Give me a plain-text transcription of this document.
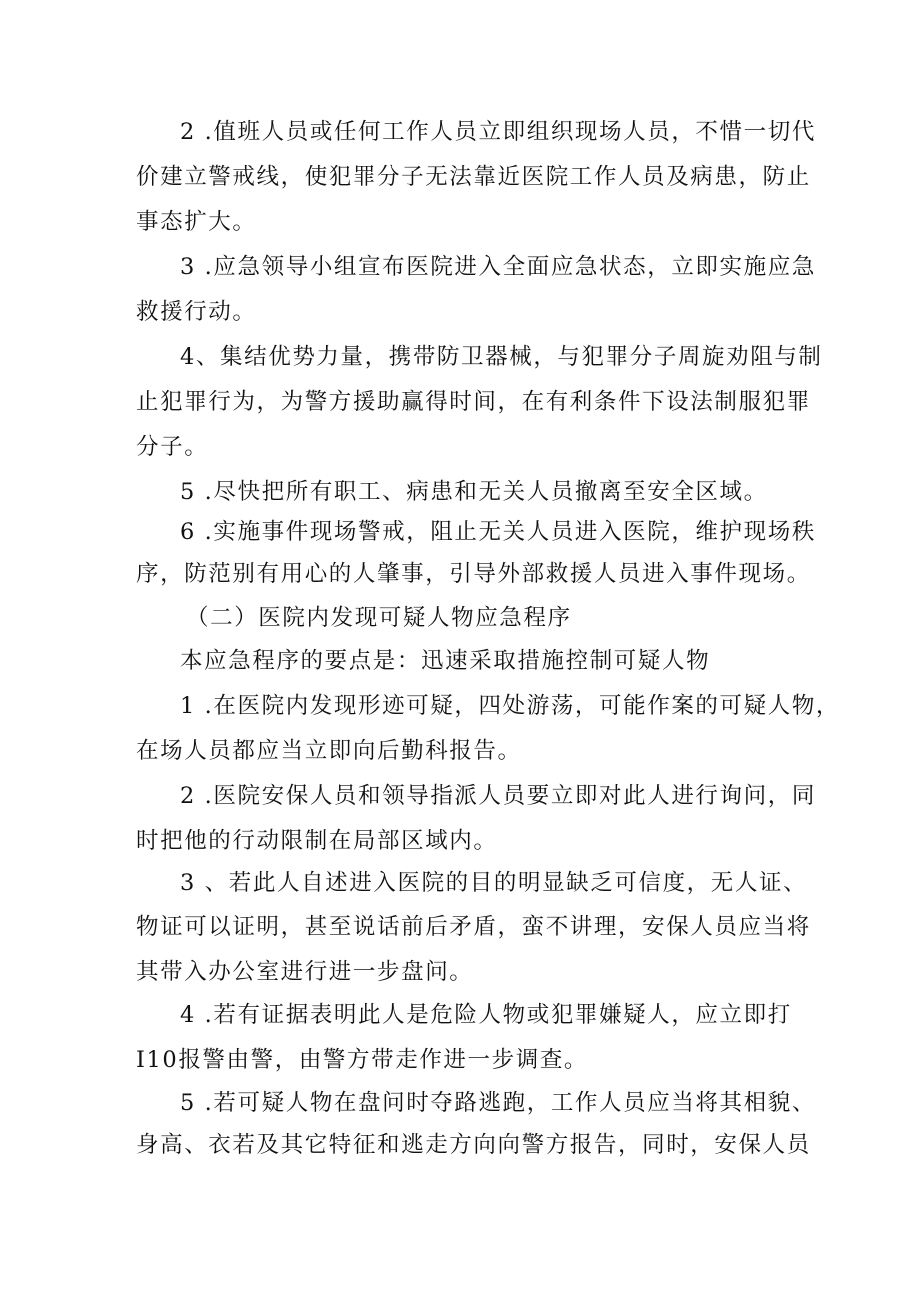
2 .值班人员或任何工作人员立即组织现场人员，不惜一切代
价建立警戒线，使犯罪分子无法靠近医院工作人员及病患，防止
事态扩大。
3 .应急领导小组宣布医院进入全面应急状态，立即实施应急
救援行动。
4、集结优势力量，携带防卫器械，与犯罪分子周旋劝阻与制
止犯罪行为，为警方援助赢得时间，在有利条件下设法制服犯罪
分子。
5 .尽快把所有职工、病患和无关人员撤离至安全区域。
6 .实施事件现场警戒，阻止无关人员进入医院，维护现场秩
序，防范别有用心的人肇事，引导外部救援人员进入事件现场。
（二）医院内发现可疑人物应急程序
本应急程序的要点是：迅速采取措施控制可疑人物
1 .在医院内发现形迹可疑，四处游荡，可能作案的可疑人物，
在场人员都应当立即向后勤科报告。
2 .医院安保人员和领导指派人员要立即对此人进行询问，同
时把他的行动限制在局部区域内。
3 、若此人自述进入医院的目的明显缺乏可信度，无人证、
物证可以证明，甚至说话前后矛盾，蛮不讲理，安保人员应当将
其带入办公室进行进一步盘问。
4 .若有证据表明此人是危险人物或犯罪嫌疑人，应立即打
I10报警由警，由警方带走作进一步调查。
5 .若可疑人物在盘问时夺路逃跑，工作人员应当将其相貌、
身高、衣若及其它特征和逃走方向向警方报告，同时，安保人员
